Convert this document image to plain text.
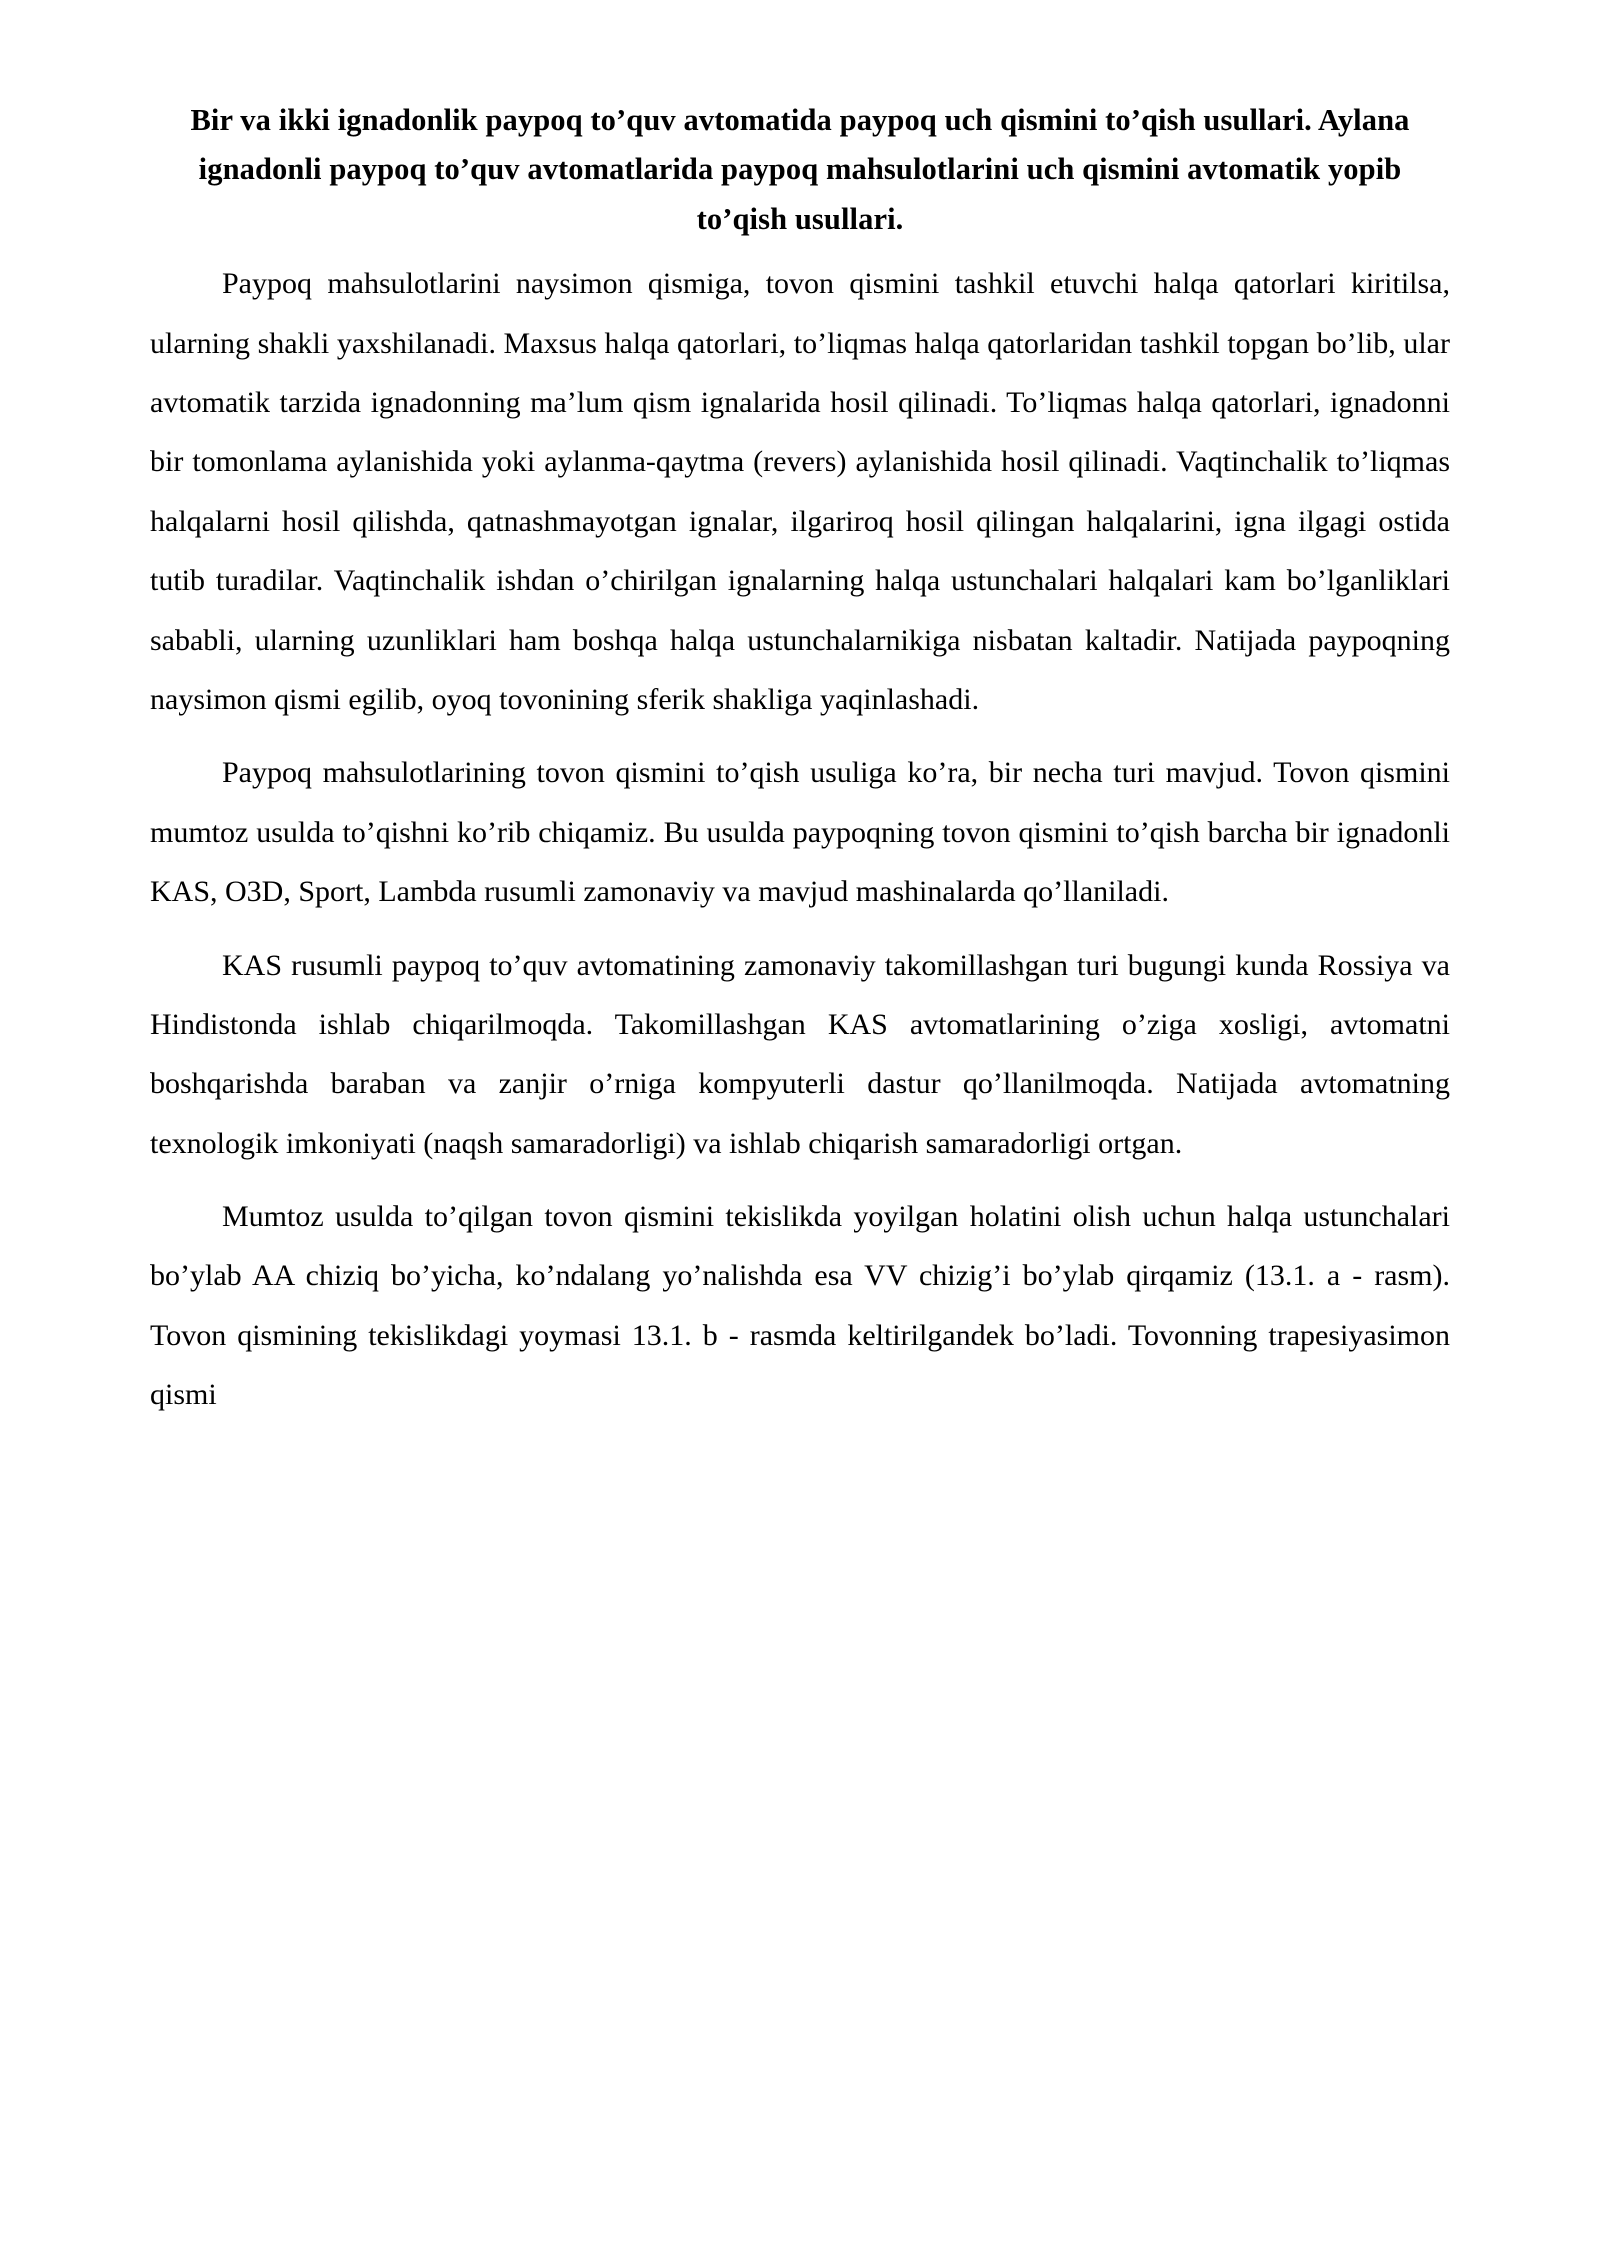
Bir va ikki ignadonlik paypoq to’quv avtomatida paypoq uch qismini to’qish usullari. Aylana ignadonli paypoq to’quv avtomatlarida paypoq mahsulotlarini uch qismini avtomatik yopib to’qish usullari.

Paypoq mahsulotlarini naysimon qismiga, tovon qismini tashkil etuvchi halqa qatorlari kiritilsa, ularning shakli yaxshilanadi. Maxsus halqa qatorlari, to’liqmas halqa qatorlaridan tashkil topgan bo’lib, ular avtomatik tarzida ignadonning ma’lum qism ignalarida hosil qilinadi. To’liqmas halqa qatorlari, ignadonni bir tomonlama aylanishida yoki aylanma-qaytma (revers) aylanishida hosil qilinadi. Vaqtinchalik to’liqmas halqalarni hosil qilishda, qatnashmayotgan ignalar, ilgariroq hosil qilingan halqalarini, igna ilgagi ostida tutib turadilar. Vaqtinchalik ishdan o’chirilgan ignalarning halqa ustunchalari halqalari kam bo’lganliklari sababli, ularning uzunliklari ham boshqa halqa ustunchalarnikiga nisbatan kaltadir. Natijada paypoqning naysimon qismi egilib, oyoq tovonining sferik shakliga yaqinlashadi.

Paypoq mahsulotlarining tovon qismini to’qish usuliga ko’ra, bir necha turi mavjud. Tovon qismini mumtoz usulda to’qishni ko’rib chiqamiz. Bu usulda paypoqning tovon qismini to’qish barcha bir ignadonli KAS, O3D, Sport, Lambda rusumli zamonaviy va mavjud mashinalarda qo’llaniladi.

KAS rusumli paypoq to’quv avtomatining zamonaviy takomillashgan turi bugungi kunda Rossiya va Hindistonda ishlab chiqarilmoqda. Takomillashgan KAS avtomatlarining o’ziga xosligi, avtomatni boshqarishda baraban va zanjir o’rniga kompyuterli dastur qo’llanilmoqda. Natijada avtomatning texnologik imkoniyati (naqsh samaradorligi) va ishlab chiqarish samaradorligi ortgan.

Mumtoz usulda to’qilgan tovon qismini tekislikda yoyilgan holatini olish uchun halqa ustunchalari bo’ylab AA chiziq bo’yicha, ko’ndalang yo’nalishda esa VV chizig’i bo’ylab qirqamiz (13.1. a - rasm). Tovon qismining tekislikdagi yoymasi 13.1. b - rasmda keltirilgandek bo’ladi. Tovonning trapesiyasimon qismi
